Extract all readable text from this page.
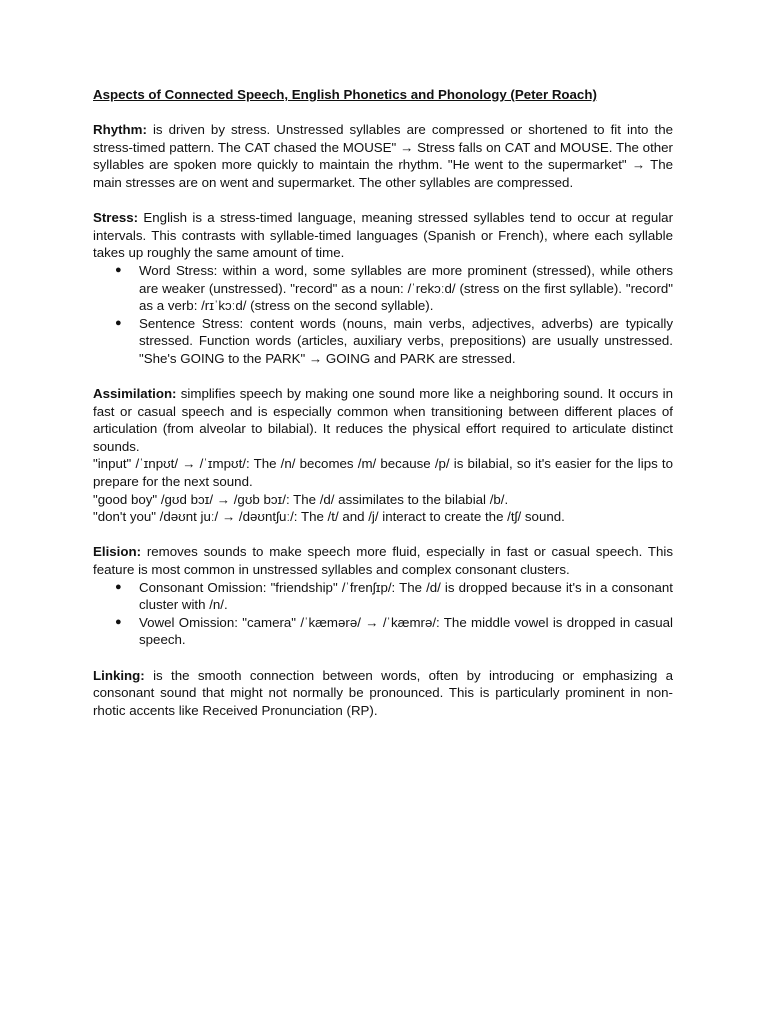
Aspects of Connected Speech, English Phonetics and Phonology (Peter Roach)

Rhythm: is driven by stress. Unstressed syllables are compressed or shortened to fit into the stress-timed pattern. The CAT chased the MOUSE" → Stress falls on CAT and MOUSE. The other syllables are spoken more quickly to maintain the rhythm. "He went to the supermarket" → The main stresses are on went and supermarket. The other syllables are compressed.

Stress: English is a stress-timed language, meaning stressed syllables tend to occur at regular intervals. This contrasts with syllable-timed languages (Spanish or French), where each syllable takes up roughly the same amount of time.

● Word Stress: within a word, some syllables are more prominent (stressed), while others are weaker (unstressed). "record" as a noun: /ˈrekɔːd/ (stress on the first syllable). "record" as a verb: /rɪˈkɔːd/ (stress on the second syllable).
● Sentence Stress: content words (nouns, main verbs, adjectives, adverbs) are typically stressed. Function words (articles, auxiliary verbs, prepositions) are usually unstressed. "She's GOING to the PARK" → GOING and PARK are stressed.

Assimilation: simplifies speech by making one sound more like a neighboring sound. It occurs in fast or casual speech and is especially common when transitioning between different places of articulation (from alveolar to bilabial). It reduces the physical effort required to articulate distinct sounds.

"input" /ˈɪnpʊt/ → /ˈɪmpʊt/: The /n/ becomes /m/ because /p/ is bilabial, so it's easier for the lips to prepare for the next sound.

"good boy" /gʊd bɔɪ/ → /gʊb bɔɪ/: The /d/ assimilates to the bilabial /b/.

"don't you" /dəʊnt juː/ → /dəʊntʃuː/: The /t/ and /j/ interact to create the /tʃ/ sound.

Elision: removes sounds to make speech more fluid, especially in fast or casual speech. This feature is most common in unstressed syllables and complex consonant clusters.

● Consonant Omission: "friendship" /ˈfrenʃɪp/: The /d/ is dropped because it's in a consonant cluster with /n/.
● Vowel Omission: "camera" /ˈkæmərə/ → /ˈkæmrə/: The middle vowel is dropped in casual speech.

Linking: is the smooth connection between words, often by introducing or emphasizing a consonant sound that might not normally be pronounced. This is particularly prominent in non-rhotic accents like Received Pronunciation (RP).
